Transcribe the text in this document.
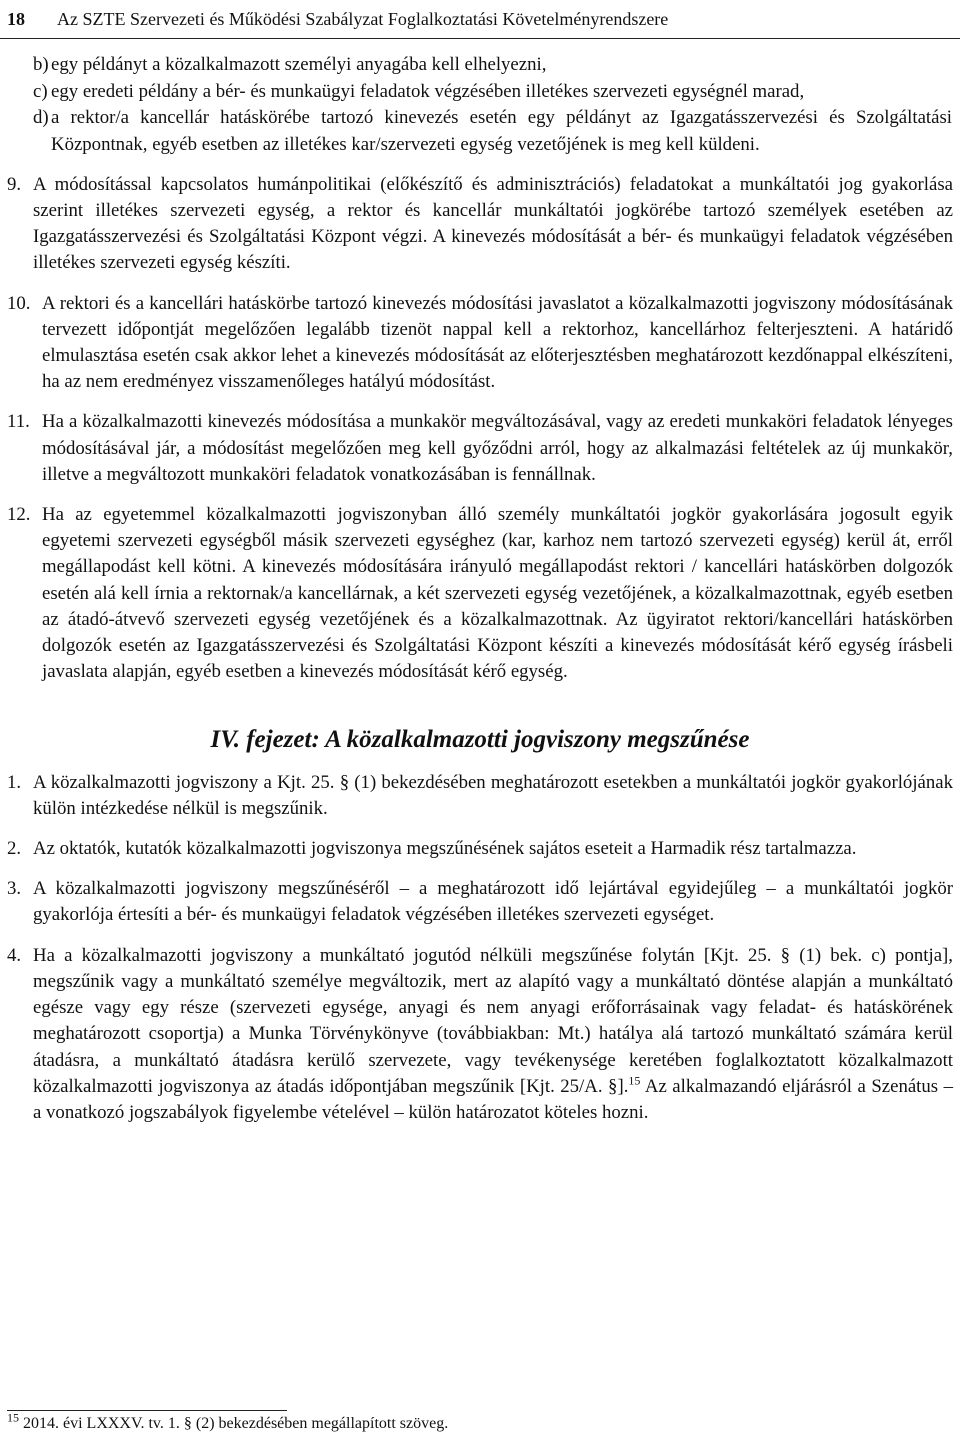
18	Az SZTE Szervezeti és Működési Szabályzat Foglalkoztatási Követelményrendszere
b) egy példányt a közalkalmazott személyi anyagába kell elhelyezni,
c) egy eredeti példány a bér- és munkaügyi feladatok végzésében illetékes szervezeti egységnél marad,
d) a rektor/a kancellár hatáskörébe tartozó kinevezés esetén egy példányt az Igazgatásszervezési és Szolgáltatási Központnak, egyéb esetben az illetékes kar/szervezeti egység vezetőjének is meg kell küldeni.
9. A módosítással kapcsolatos humánpolitikai (előkészítő és adminisztrációs) feladatokat a munkáltatói jog gyakorlása szerint illetékes szervezeti egység, a rektor és kancellár munkáltatói jogkörébe tartozó személyek esetében az Igazgatásszervezési és Szolgáltatási Központ végzi. A kinevezés módosítását a bér- és munkaügyi feladatok végzésében illetékes szervezeti egység készíti.
10. A rektori és a kancellári hatáskörbe tartozó kinevezés módosítási javaslatot a közalkalmazotti jogviszony módosításának tervezett időpontját megelőzően legalább tizenöt nappal kell a rektorhoz, kancellárhoz felterjeszteni. A határidő elmulasztása esetén csak akkor lehet a kinevezés módosítását az előterjesztésben meghatározott kezdőnappal elkészíteni, ha az nem eredményez visszamenőleges hatályú módosítást.
11. Ha a közalkalmazotti kinevezés módosítása a munkakör megváltozásával, vagy az eredeti munkaköri feladatok lényeges módosításával jár, a módosítást megelőzően meg kell győződni arról, hogy az alkalmazási feltételek az új munkakör, illetve a megváltozott munkaköri feladatok vonatkozásában is fennállnak.
12. Ha az egyetemmel közalkalmazotti jogviszonyban álló személy munkáltatói jogkör gyakorlására jogosult egyik egyetemi szervezeti egységből másik szervezeti egységhez (kar, karhoz nem tartozó szervezeti egység) kerül át, erről megállapodást kell kötni. A kinevezés módosítására irányuló megállapodást rektori / kancellári hatáskörben dolgozók esetén alá kell írnia a rektornak/a kancellárnak, a két szervezeti egység vezetőjének, a közalkalmazottnak, egyéb esetben az átadó-átvevő szervezeti egység vezetőjének és a közalkalmazottnak. Az ügyiratot rektori/kancellári hatáskörben dolgozók esetén az Igazgatásszervezési és Szolgáltatási Központ készíti a kinevezés módosítását kérő egység írásbeli javaslata alapján, egyéb esetben a kinevezés módosítását kérő egység.
IV. fejezet: A közalkalmazotti jogviszony megszűnése
1. A közalkalmazotti jogviszony a Kjt. 25. § (1) bekezdésében meghatározott esetekben a munkáltatói jogkör gyakorlójának külön intézkedése nélkül is megszűnik.
2. Az oktatók, kutatók közalkalmazotti jogviszonya megszűnésének sajátos eseteit a Harmadik rész tartalmazza.
3. A közalkalmazotti jogviszony megszűnéséről – a meghatározott idő lejártával egyidejűleg – a munkáltatói jogkör gyakorlója értesíti a bér- és munkaügyi feladatok végzésében illetékes szervezeti egységet.
4. Ha a közalkalmazotti jogviszony a munkáltató jogutód nélküli megszűnése folytán [Kjt. 25. § (1) bek. c) pontja], megszűnik vagy a munkáltató személye megváltozik, mert az alapító vagy a munkáltató döntése alapján a munkáltató egésze vagy egy része (szervezeti egysége, anyagi és nem anyagi erőforrásainak vagy feladat- és hatáskörének meghatározott csoportja) a Munka Törvénykönyve (továbbiakban: Mt.) hatálya alá tartozó munkáltató számára kerül átadásra, a munkáltató átadásra kerülő szervezete, vagy tevékenysége keretében foglalkoztatott közalkalmazott közalkalmazotti jogviszonya az átadás időpontjában megszűnik [Kjt. 25/A. §].$^{15}$ Az alkalmazandó eljárásról a Szenátus – a vonatkozó jogszabályok figyelembe vételével – külön határozatot köteles hozni.
$^{15}$ 2014. évi LXXXV. tv. 1. § (2) bekezdésében megállapított szöveg.
